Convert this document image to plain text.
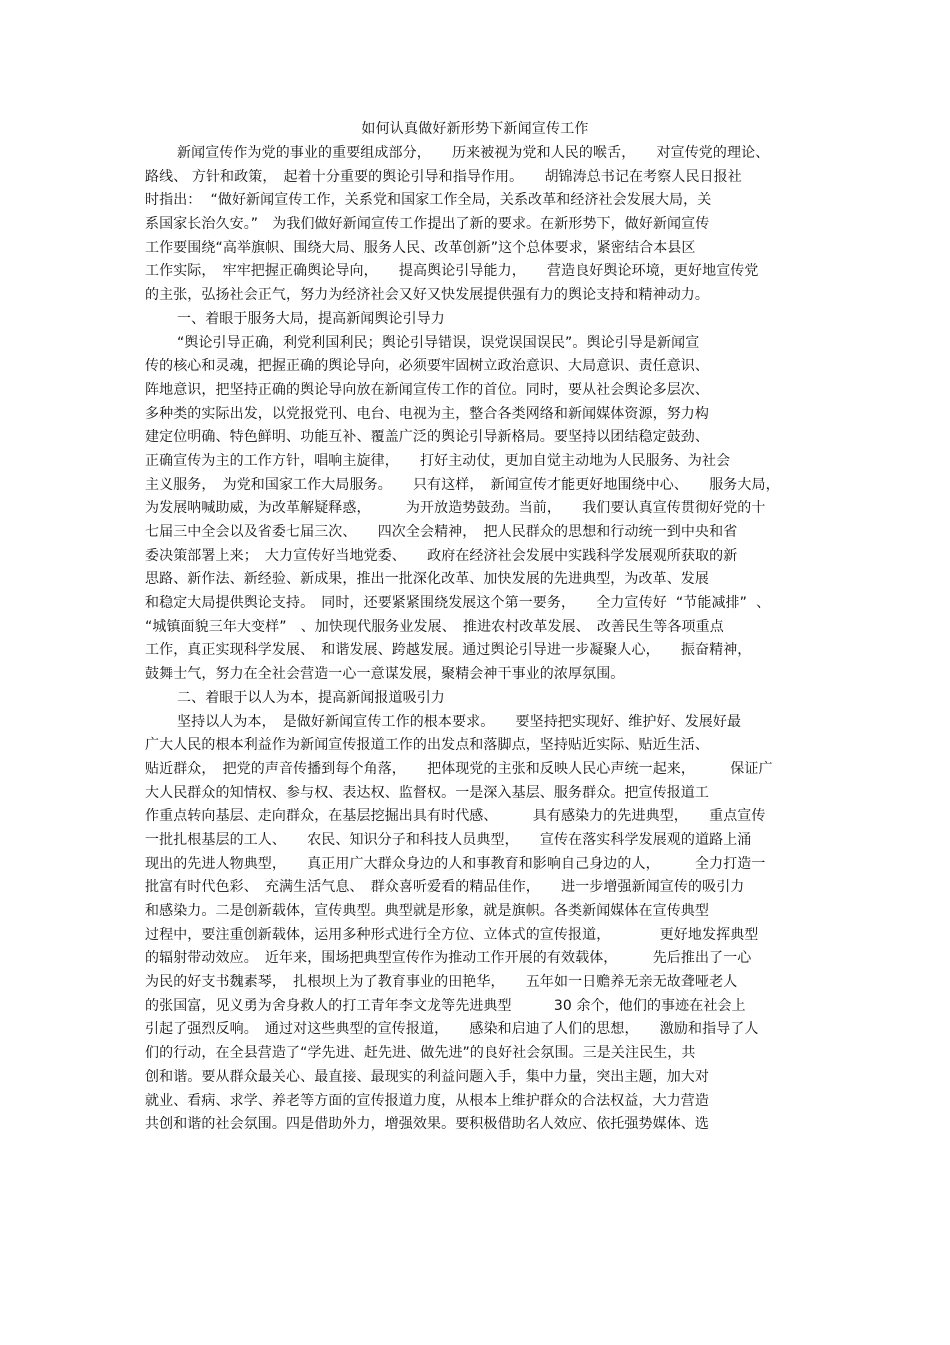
如何认真做好新形势下新闻宣传工作
新闻宣传作为党的事业的重要组成部分，　　历来被视为党和人民的喉舌，　　对宣传党的理论、
路线、 方针和政策，　起着十分重要的舆论引导和指导作用。　　胡锦涛总书记在考察人民日报社
时指出：  “做好新闻宣传工作，关系党和国家工作全局，关系改革和经济社会发展大局，关
系国家长治久安。”　为我们做好新闻宣传工作提出了新的要求。在新形势下，做好新闻宣传
工作要围绕“高举旗帜、围绕大局、服务人民、改革创新”这个总体要求，紧密结合本县区
工作实际，　牢牢把握正确舆论导向，　　提高舆论引导能力，　　营造良好舆论环境，更好地宣传党
的主张，弘扬社会正气，努力为经济社会又好又快发展提供强有力的舆论支持和精神动力。
一、着眼于服务大局，提高新闻舆论引导力
“舆论引导正确，利党利国利民；舆论引导错误，误党误国误民”。舆论引导是新闻宣
传的核心和灵魂，把握正确的舆论导向，必须要牢固树立政治意识、大局意识、责任意识、
阵地意识，把坚持正确的舆论导向放在新闻宣传工作的首位。同时，要从社会舆论多层次、
多种类的实际出发，以党报党刊、电台、电视为主，整合各类网络和新闻媒体资源，努力构
建定位明确、特色鲜明、功能互补、覆盖广泛的舆论引导新格局。要坚持以团结稳定鼓劲、
正确宣传为主的工作方针，唱响主旋律，　　打好主动仗，更加自觉主动地为人民服务、为社会
主义服务，　为党和国家工作大局服务。　　只有这样，　新闻宣传才能更好地围绕中心、　　服务大局，
为发展呐喊助威，为改革解疑释惑，　　　为开放造势鼓劲。当前，　　我们要认真宣传贯彻好党的十
七届三中全会以及省委七届三次、　　四次全会精神，　把人民群众的思想和行动统一到中央和省
委决策部署上来；　大力宣传好当地党委、　　政府在经济社会发展中实践科学发展观所获取的新
思路、新作法、新经验、新成果，推出一批深化改革、加快发展的先进典型，为改革、发展
和稳定大局提供舆论支持。　同时，还要紧紧围绕发展这个第一要务，　　全力宣传好  “节能减排”  、
“城镇面貌三年大变样”　、加快现代服务业发展、　推进农村改革发展、　改善民生等各项重点
工作，真正实现科学发展、　和谐发展、跨越发展。通过舆论引导进一步凝聚人心，　　振奋精神，
鼓舞士气，努力在全社会营造一心一意谋发展，聚精会神干事业的浓厚氛围。
二、着眼于以人为本，提高新闻报道吸引力
坚持以人为本，　是做好新闻宣传工作的根本要求。　　要坚持把实现好、维护好、发展好最
广大人民的根本利益作为新闻宣传报道工作的出发点和落脚点，坚持贴近实际、贴近生活、
贴近群众，　把党的声音传播到每个角落，　　把体现党的主张和反映人民心声统一起来，　　　保证广
大人民群众的知情权、参与权、表达权、监督权。一是深入基层、服务群众。把宣传报道工
作重点转向基层、走向群众，在基层挖掘出具有时代感、　　　具有感染力的先进典型，　　重点宣传
一批扎根基层的工人、　　农民、知识分子和科技人员典型，　　宣传在落实科学发展观的道路上涌
现出的先进人物典型，　　真正用广大群众身边的人和事教育和影响自己身边的人，　　　全力打造一
批富有时代色彩、　充满生活气息、　群众喜听爱看的精品佳作，　　进一步增强新闻宣传的吸引力
和感染力。二是创新载体，宣传典型。典型就是形象，就是旗帜。各类新闻媒体在宣传典型
过程中，要注重创新载体，运用多种形式进行全方位、立体式的宣传报道，　　　　更好地发挥典型
的辐射带动效应。　近年来，围场把典型宣传作为推动工作开展的有效载体，　　　先后推出了一心
为民的好支书魏素琴，　扎根坝上为了教育事业的田艳华，　　五年如一日赡养无亲无故聋哑老人
的张国富，见义勇为舍身救人的打工青年李文龙等先进典型　　　30 余个，他们的事迹在社会上
引起了强烈反响。　通过对这些典型的宣传报道，　　感染和启迪了人们的思想，　　激励和指导了人
们的行动，在全县营造了“学先进、赶先进、做先进”的良好社会氛围。三是关注民生，共
创和谐。要从群众最关心、最直接、最现实的利益问题入手，集中力量，突出主题，加大对
就业、看病、求学、养老等方面的宣传报道力度，从根本上维护群众的合法权益，大力营造
共创和谐的社会氛围。四是借助外力，增强效果。要积极借助名人效应、依托强势媒体、选
